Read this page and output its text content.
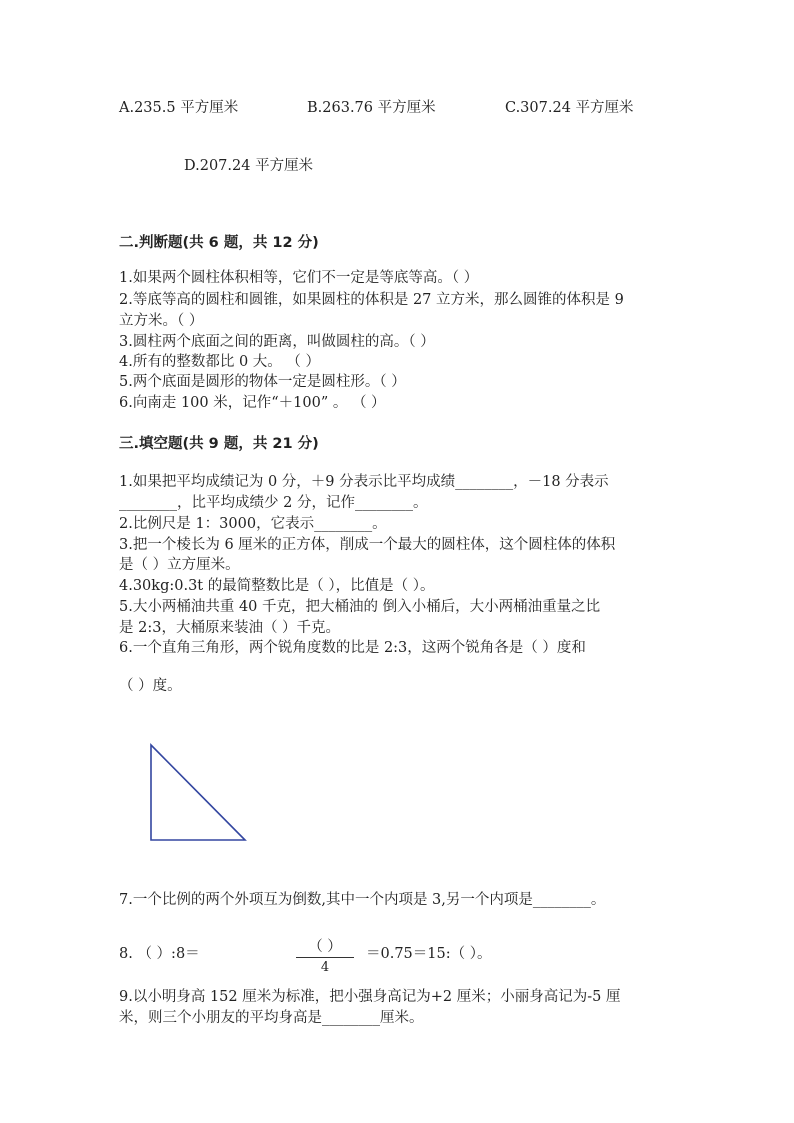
A.235.5 平方厘米	B.263.76 平方厘米	C.307.24 平方厘米
D.207.24 平方厘米
二.判断题(共 6 题，共 12 分)
1.如果两个圆柱体积相等，它们不一定是等底等高。（ ）
2.等底等高的圆柱和圆锥，如果圆柱的体积是 27 立方米，那么圆锥的体积是 9
立方米。（ ）
3.圆柱两个底面之间的距离，叫做圆柱的高。（ ）
4.所有的整数都比 0 大。 （ ）
5.两个底面是圆形的物体一定是圆柱形。（ ）
6.向南走 100 米，记作“＋100” 。 （ ）
三.填空题(共 9 题，共 21 分)
1.如果把平均成绩记为 0 分，＋9 分表示比平均成绩________，－18 分表示
________，比平均成绩少 2 分，记作________。
2.比例尺是 1：3000，它表示________。
3.把一个棱长为 6 厘米的正方体，削成一个最大的圆柱体，这个圆柱体的体积
是（ ）立方厘米。
4.30kg:0.3t 的最简整数比是（ ），比值是（ ）。
5.大小两桶油共重 40 千克，把大桶油的 倒入小桶后，大小两桶油重量之比
是 2:3，大桶原来装油（ ）千克。
6.一个直角三角形，两个锐角度数的比是 2:3，这两个锐角各是（ ）度和
（ ）度。
7.一个比例的两个外项互为倒数,其中一个内项是 3,另一个内项是________。
8. （ ）:8＝	（ ）
4
＝0.75＝15:（ ）。
9.以小明身高 152 厘米为标准，把小强身高记为+2 厘米；小丽身高记为-5 厘
米，则三个小朋友的平均身高是________厘米。
